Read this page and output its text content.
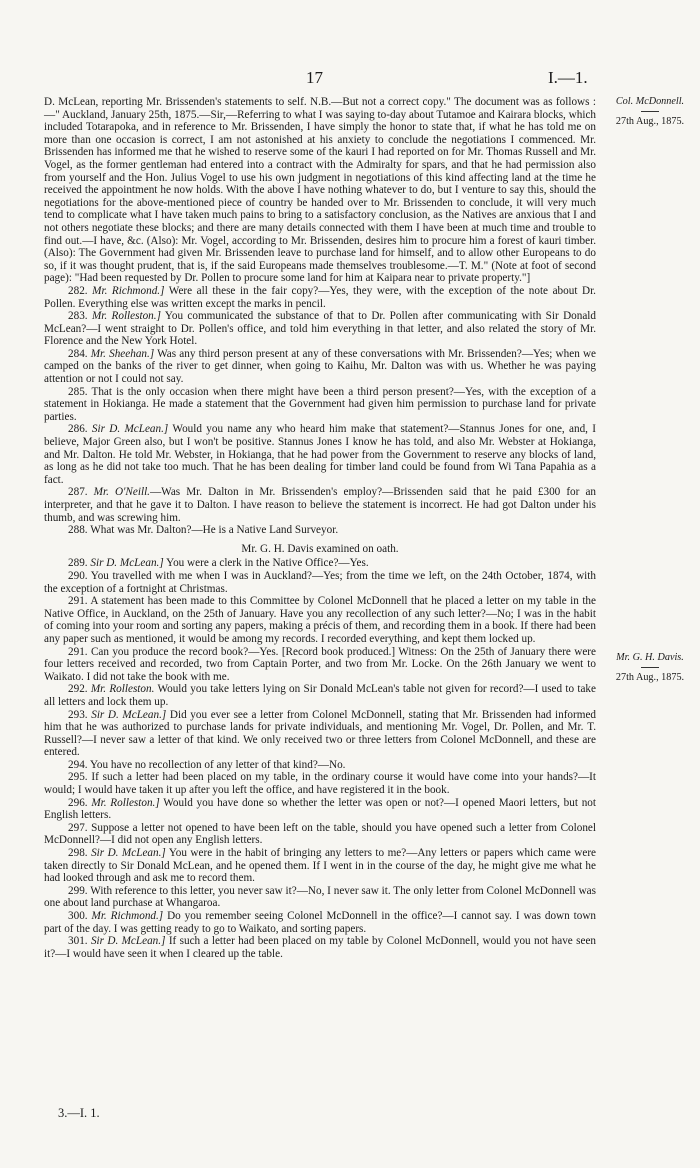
17	I.—1.
Col. McDonnell.
27th Aug., 1875.
Mr. G. H. Davis.
27th Aug., 1875.

D. McLean, reporting Mr. Brissenden's statements to self. N.B.—But not a correct copy." The document was as follows :—" Auckland, January 25th, 1875.—Sir,—Referring to what I was saying to-day about Tutamoe and Kairara blocks, which included Totarapoka, and in reference to Mr. Brissenden, I have simply the honor to state that, if what he has told me on more than one occasion is correct, I am not astonished at his anxiety to conclude the negotiations I commenced. Mr. Brissenden has informed me that he wished to reserve some of the kauri I had reported on for Mr. Thomas Russell and Mr. Vogel, as the former gentleman had entered into a contract with the Admiralty for spars, and that he had permission also from yourself and the Hon. Julius Vogel to use his own judgment in negotiations of this kind affecting land at the time he received the appointment he now holds. With the above I have nothing whatever to do, but I venture to say this, should the negotiations for the above-mentioned piece of country be handed over to Mr. Brissenden to conclude, it will very much tend to complicate what I have taken much pains to bring to a satisfactory conclusion, as the Natives are anxious that I and not others negotiate these blocks; and there are many details connected with them I have been at much time and trouble to find out.—I have, &c. (Also): Mr. Vogel, according to Mr. Brissenden, desires him to procure him a forest of kauri timber. (Also): The Government had given Mr. Brissenden leave to purchase land for himself, and to allow other Europeans to do so, if it was thought prudent, that is, if the said Europeans made themselves troublesome.—T. M." (Note at foot of second page): "Had been requested by Dr. Pollen to procure some land for him at Kaipara near to private property."]

282. Mr. Richmond.] Were all these in the fair copy?—Yes, they were, with the exception of the note about Dr. Pollen. Everything else was written except the marks in pencil.

283. Mr. Rolleston.] You communicated the substance of that to Dr. Pollen after communicating with Sir Donald McLean?—I went straight to Dr. Pollen's office, and told him everything in that letter, and also related the story of Mr. Florence and the New York Hotel.

284. Mr. Sheehan.] Was any third person present at any of these conversations with Mr. Brissenden?—Yes; when we camped on the banks of the river to get dinner, when going to Kaihu, Mr. Dalton was with us. Whether he was paying attention or not I could not say.

285. That is the only occasion when there might have been a third person present?—Yes, with the exception of a statement in Hokianga. He made a statement that the Government had given him permission to purchase land for private parties.

286. Sir D. McLean.] Would you name any who heard him make that statement?—Stannus Jones for one, and, I believe, Major Green also, but I won't be positive. Stannus Jones I know he has told, and also Mr. Webster at Hokianga, and Mr. Dalton. He told Mr. Webster, in Hokianga, that he had power from the Government to reserve any blocks of land, as long as he did not take too much. That he has been dealing for timber land could be found from Wi Tana Papahia as a fact.

287. Mr. O'Neill.—Was Mr. Dalton in Mr. Brissenden's employ?—Brissenden said that he paid £300 for an interpreter, and that he gave it to Dalton. I have reason to believe the statement is incorrect. He had got Dalton under his thumb, and was screwing him.

288. What was Mr. Dalton?—He is a Native Land Surveyor.

Mr. G. H. Davis examined on oath.

289. Sir D. McLean.] You were a clerk in the Native Office?—Yes.

290. You travelled with me when I was in Auckland?—Yes; from the time we left, on the 24th October, 1874, with the exception of a fortnight at Christmas.

291. A statement has been made to this Committee by Colonel McDonnell that he placed a letter on my table in the Native Office, in Auckland, on the 25th of January. Have you any recollection of any such letter?—No; I was in the habit of coming into your room and sorting any papers, making a précis of them, and recording them in a book. If there had been any paper such as mentioned, it would be among my records. I recorded everything, and kept them locked up.

291. Can you produce the record book?—Yes. [Record book produced.] Witness: On the 25th of January there were four letters received and recorded, two from Captain Porter, and two from Mr. Locke. On the 26th January we went to Waikato. I did not take the book with me.

292. Mr. Rolleston. Would you take letters lying on Sir Donald McLean's table not given for record?—I used to take all letters and lock them up.

293. Sir D. McLean.] Did you ever see a letter from Colonel McDonnell, stating that Mr. Brissenden had informed him that he was authorized to purchase lands for private individuals, and mentioning Mr. Vogel, Dr. Pollen, and Mr. T. Russell?—I never saw a letter of that kind. We only received two or three letters from Colonel McDonnell, and these are entered.

294. You have no recollection of any letter of that kind?—No.

295. If such a letter had been placed on my table, in the ordinary course it would have come into your hands?—It would; I would have taken it up after you left the office, and have registered it in the book.

296. Mr. Rolleston.] Would you have done so whether the letter was open or not?—I opened Maori letters, but not English letters.

297. Suppose a letter not opened to have been left on the table, should you have opened such a letter from Colonel McDonnell?—I did not open any English letters.

298. Sir D. McLean.] You were in the habit of bringing any letters to me?—Any letters or papers which came were taken directly to Sir Donald McLean, and he opened them. If I went in in the course of the day, he might give me what he had looked through and ask me to record them.

299. With reference to this letter, you never saw it?—No, I never saw it. The only letter from Colonel McDonnell was one about land purchase at Whangaroa.

300. Mr. Richmond.] Do you remember seeing Colonel McDonnell in the office?—I cannot say. I was down town part of the day. I was getting ready to go to Waikato, and sorting papers.

301. Sir D. McLean.] If such a letter had been placed on my table by Colonel McDonnell, would you not have seen it?—I would have seen it when I cleared up the table.

3.—I. 1.
